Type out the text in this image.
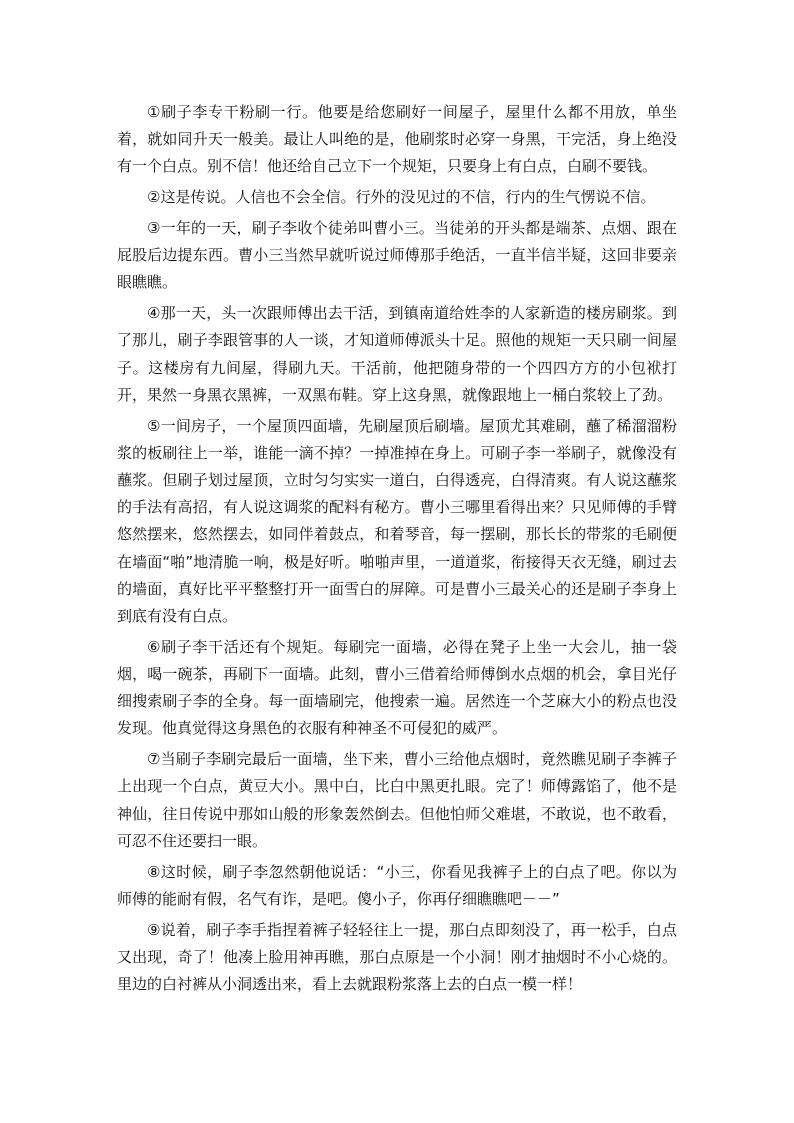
①刷子李专干粉刷一行。他要是给您刷好一间屋子，屋里什么都不用放，单坐着，就如同升天一般美。最让人叫绝的是，他刷浆时必穿一身黑，干完活，身上绝没有一个白点。别不信！他还给自己立下一个规矩，只要身上有白点，白刷不要钱。

②这是传说。人信也不会全信。行外的没见过的不信，行内的生气愣说不信。

③一年的一天，刷子李收个徒弟叫曹小三。当徒弟的开头都是端茶、点烟、跟在屁股后边提东西。曹小三当然早就听说过师傅那手绝活，一直半信半疑，这回非要亲眼瞧瞧。

④那一天，头一次跟师傅出去干活，到镇南道给姓李的人家新造的楼房刷浆。到了那儿，刷子李跟管事的人一谈，才知道师傅派头十足。照他的规矩一天只刷一间屋子。这楼房有九间屋，得刷九天。干活前，他把随身带的一个四四方方的小包袱打开，果然一身黑衣黑裤，一双黑布鞋。穿上这身黑，就像跟地上一桶白浆较上了劲。

⑤一间房子，一个屋顶四面墙，先刷屋顶后刷墙。屋顶尤其难刷，蘸了稀溜溜粉浆的板刷往上一举，谁能一滴不掉？一掉准掉在身上。可刷子李一举刷子，就像没有蘸浆。但刷子划过屋顶，立时匀匀实实一道白，白得透亮，白得清爽。有人说这蘸浆的手法有高招，有人说这调浆的配料有秘方。曹小三哪里看得出来？只见师傅的手臂悠然摆来，悠然摆去，如同伴着鼓点，和着琴音，每一摆刷，那长长的带浆的毛刷便在墙面“啪”地清脆一响，极是好听。啪啪声里，一道道浆，衔接得天衣无缝，刷过去的墙面，真好比平平整整打开一面雪白的屏障。可是曹小三最关心的还是刷子李身上到底有没有白点。

⑥刷子李干活还有个规矩。每刷完一面墙，必得在凳子上坐一大会儿，抽一袋烟，喝一碗茶，再刷下一面墙。此刻，曹小三借着给师傅倒水点烟的机会，拿目光仔细搜索刷子李的全身。每一面墙刷完，他搜索一遍。居然连一个芝麻大小的粉点也没发现。他真觉得这身黑色的衣服有种神圣不可侵犯的威严。

⑦当刷子李刷完最后一面墙，坐下来，曹小三给他点烟时，竟然瞧见刷子李裤子上出现一个白点，黄豆大小。黑中白，比白中黑更扎眼。完了！师傅露馅了，他不是神仙，往日传说中那如山般的形象轰然倒去。但他怕师父难堪，不敢说，也不敢看，可忍不住还要扫一眼。

⑧这时候，刷子李忽然朝他说话：“小三，你看见我裤子上的白点了吧。你以为师傅的能耐有假，名气有诈，是吧。傻小子，你再仔细瞧瞧吧－－”

⑨说着，刷子李手指捏着裤子轻轻往上一提，那白点即刻没了，再一松手，白点又出现，奇了！他凑上脸用神再瞧，那白点原是一个小洞！刚才抽烟时不小心烧的。里边的白衬裤从小洞透出来，看上去就跟粉浆落上去的白点一模一样！
